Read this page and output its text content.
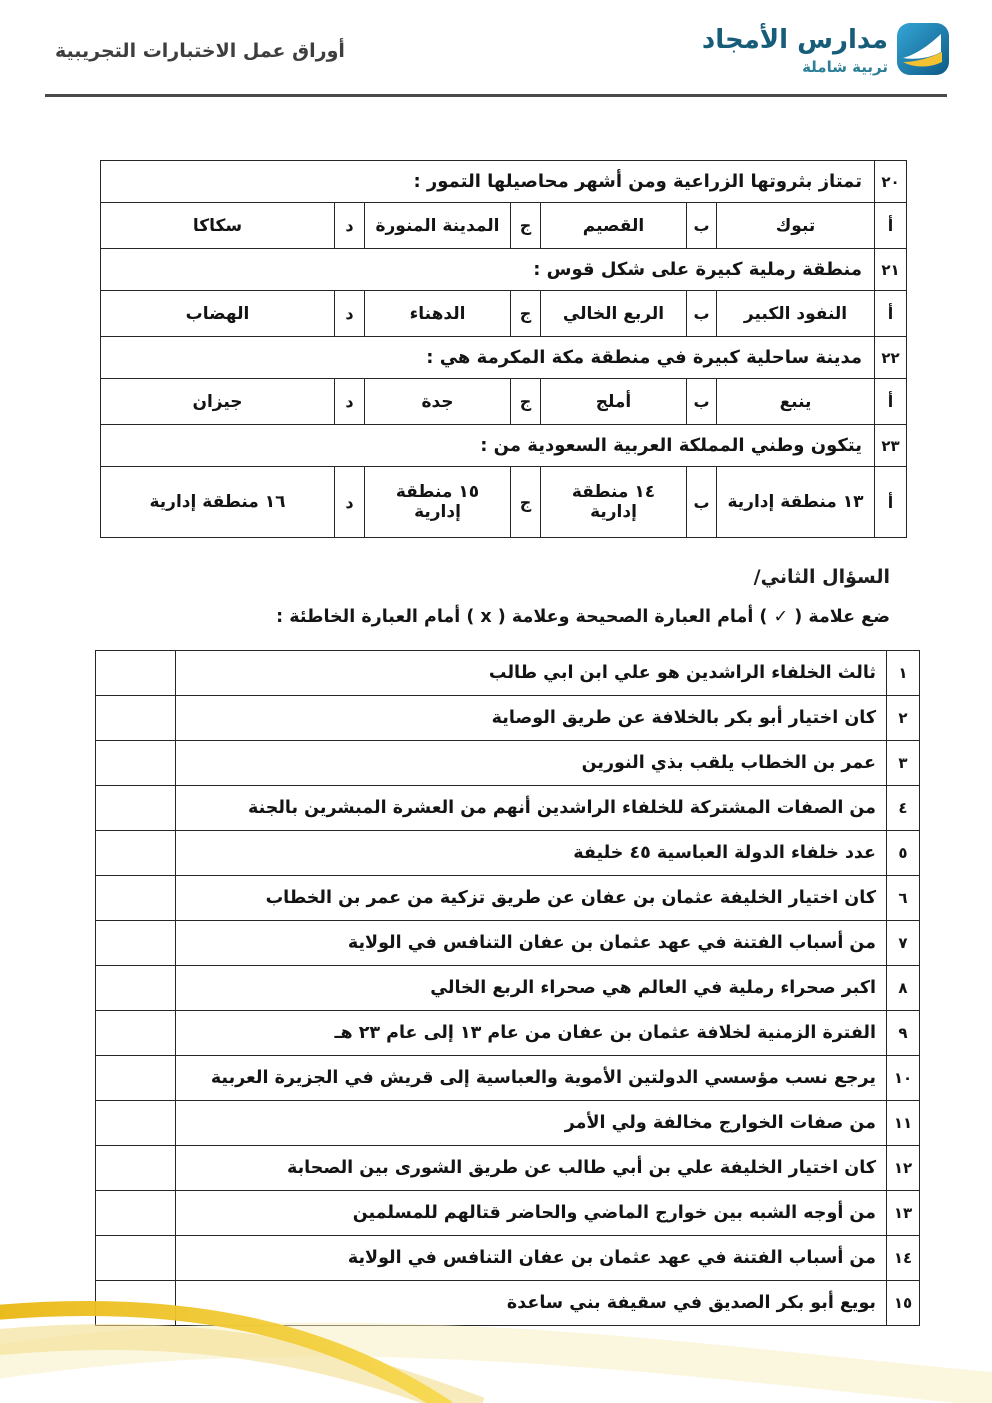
أوراق عمل الاختبارات التجريبية	مدارس الأمجاد
تربية شاملة
٢٠	تمتاز بثروتها الزراعية ومن أشهر محاصيلها التمور :						
أ	تبوك	ب	القصيم	ج	المدينة المنورة	د	سكاكا
٢١	منطقة رملية كبيرة على شكل قوس :						
أ	النفود الكبير	ب	الربع الخالي	ج	الدهناء	د	الهضاب
٢٢	مدينة ساحلية كبيرة في منطقة مكة المكرمة هي :						
أ	ينبع	ب	أملج	ج	جدة	د	جيزان
٢٣	يتكون وطني المملكة العربية السعودية من :						
أ	١٣ منطقة إدارية	ب	١٤ منطقة إدارية	ج	١٥ منطقة إدارية	د	١٦ منطقة إدارية
السؤال الثاني/
ضع علامة ( ✓ ) أمام العبارة الصحيحة وعلامة ( x ) أمام العبارة الخاطئة :
١	ثالث الخلفاء الراشدين هو علي ابن ابي طالب	
٢	كان اختيار أبو بكر بالخلافة عن طريق الوصاية	
٣	عمر بن الخطاب يلقب بذي النورين	
٤	من الصفات المشتركة للخلفاء الراشدين أنهم من العشرة المبشرين بالجنة	
٥	عدد خلفاء الدولة العباسية ٤٥ خليفة	
٦	كان اختيار الخليفة عثمان بن عفان عن طريق تزكية من عمر بن الخطاب	
٧	من أسباب الفتنة في عهد عثمان بن عفان التنافس في الولاية	
٨	اكبر صحراء رملية في العالم هي صحراء الربع الخالي	
٩	الفترة الزمنية لخلافة عثمان بن عفان من عام ١٣ إلى عام ٢٣ هـ	
١٠	يرجع نسب مؤسسي الدولتين الأموية والعباسية إلى قريش في الجزيرة العربية	
١١	من صفات الخوارج مخالفة ولي الأمر	
١٢	كان اختيار الخليفة علي بن أبي طالب عن طريق الشورى بين الصحابة	
١٣	من أوجه الشبه بين خوارج الماضي والحاضر قتالهم للمسلمين	
١٤	من أسباب الفتنة في عهد عثمان بن عفان التنافس في الولاية	
١٥	بويع أبو بكر الصديق في سقيفة بني ساعدة	
